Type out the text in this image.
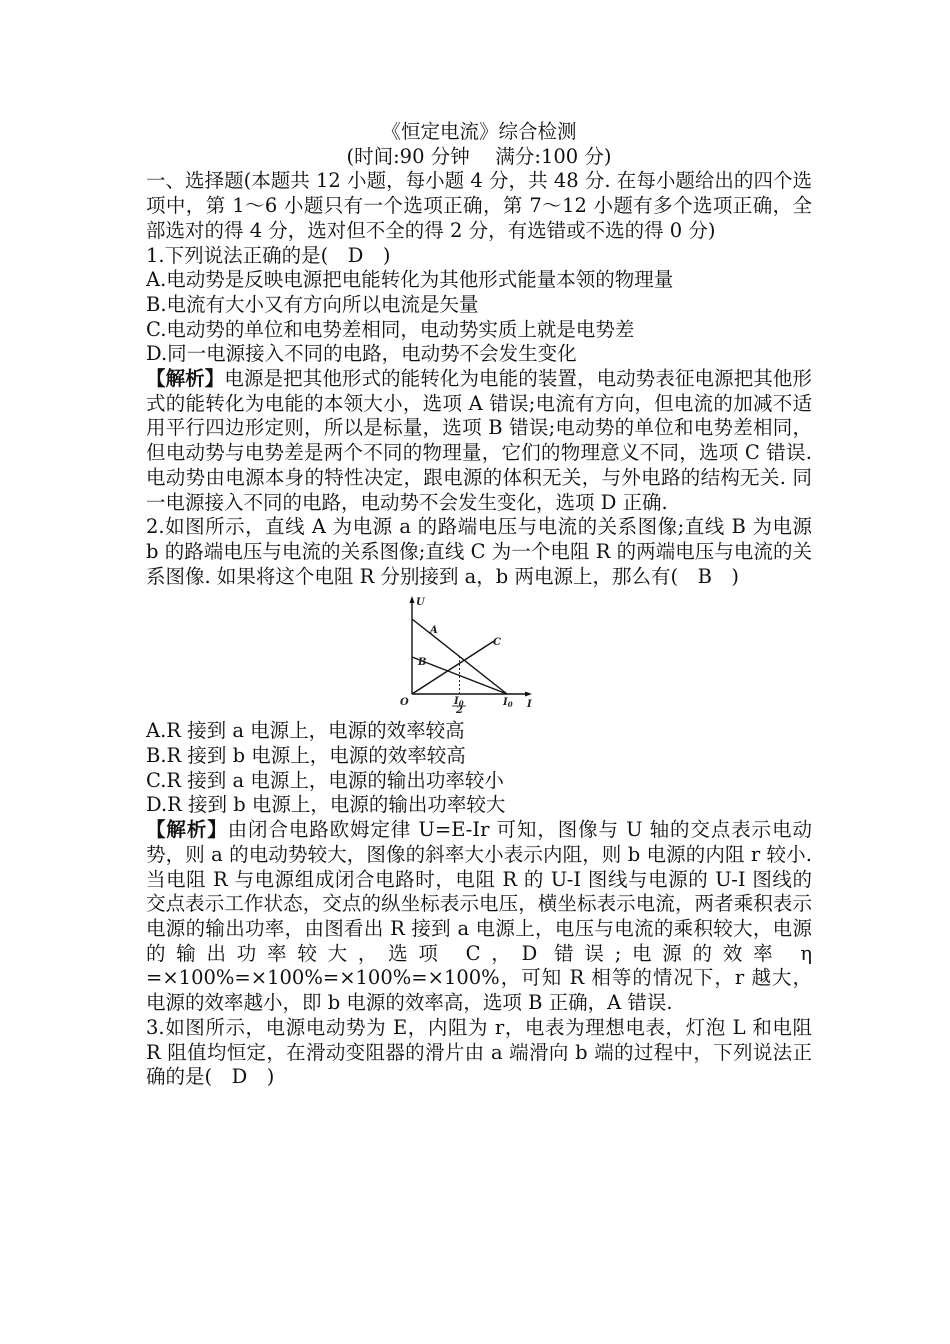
《恒定电流》综合检测

(时间:90 分钟　 满分:100 分)

一、选择题(本题共 12 小题，每小题 4 分，共 48 分. 在每小题给出的四个选项中，第 1～6 小题只有一个选项正确，第 7～12 小题有多个选项正确，全部选对的得 4 分，选对但不全的得 2 分，有选错或不选的得 0 分)

1.下列说法正确的是( D )

A.电动势是反映电源把电能转化为其他形式能量本领的物理量

B.电流有大小又有方向所以电流是矢量

C.电动势的单位和电势差相同，电动势实质上就是电势差

D.同一电源接入不同的电路，电动势不会发生变化

【解析】电源是把其他形式的能转化为电能的装置，电动势表征电源把其他形式的能转化为电能的本领大小，选项 A 错误;电流有方向，但电流的加减不适用平行四边形定则，所以是标量，选项 B 错误;电动势的单位和电势差相同，但电动势与电势差是两个不同的物理量，它们的物理意义不同，选项 C 错误. 电动势由电源本身的特性决定，跟电源的体积无关，与外电路的结构无关. 同一电源接入不同的电路，电动势不会发生变化，选项 D 正确.

2.如图所示，直线 A 为电源 a 的路端电压与电流的关系图像;直线 B 为电源 b 的路端电压与电流的关系图像;直线 C 为一个电阻 R 的两端电压与电流的关系图像. 如果将这个电阻 R 分别接到 a，b 两电源上，那么有( B )

U
I
O
A
B
C
$I_0$
$I_0$
2

A.R 接到 a 电源上，电源的效率较高

B.R 接到 b 电源上，电源的效率较高

C.R 接到 a 电源上，电源的输出功率较小

D.R 接到 b 电源上，电源的输出功率较大

【解析】由闭合电路欧姆定律 U=E-Ir 可知，图像与 U 轴的交点表示电动势，则 a 的电动势较大，图像的斜率大小表示内阻，则 b 电源的内阻 r 较小. 当电阻 R 与电源组成闭合电路时，电阻 R 的 U-I 图线与电源的 U-I 图线的交点表示工作状态，交点的纵坐标表示电压，横坐标表示电流，两者乘积表示电源的输出功率，由图看出 R 接到 a 电源上，电压与电流的乘积较大，电源的输出功率较大，选项 C，D 错误;电源的效率 η =×100%=×100%=×100%=×100%，可知 R 相等的情况下，r 越大，电源的效率越小，即 b 电源的效率高，选项 B 正确，A 错误.

3.如图所示，电源电动势为 E，内阻为 r，电表为理想电表，灯泡 L 和电阻 R 阻值均恒定，在滑动变阻器的滑片由 a 端滑向 b 端的过程中，下列说法正确的是( D )
